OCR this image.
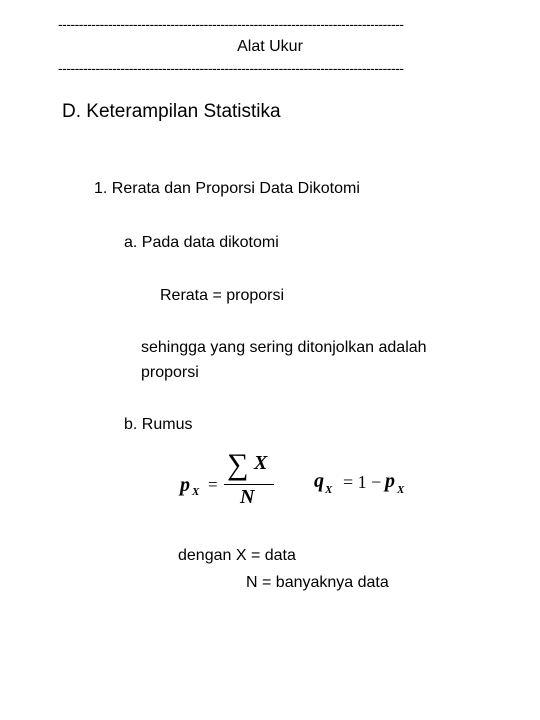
-----------------------------------------------------------------------------------
Alat Ukur
-----------------------------------------------------------------------------------
D. Keterampilan Statistika
1. Rerata dan Proporsi Data Dikotomi
a. Pada data dikotomi
Rerata = proporsi
sehingga yang sering ditonjolkan adalah
proporsi
b. Rumus
p X =
∑ X
N
q X = 1 − p X
dengan X = data
N = banyaknya data
